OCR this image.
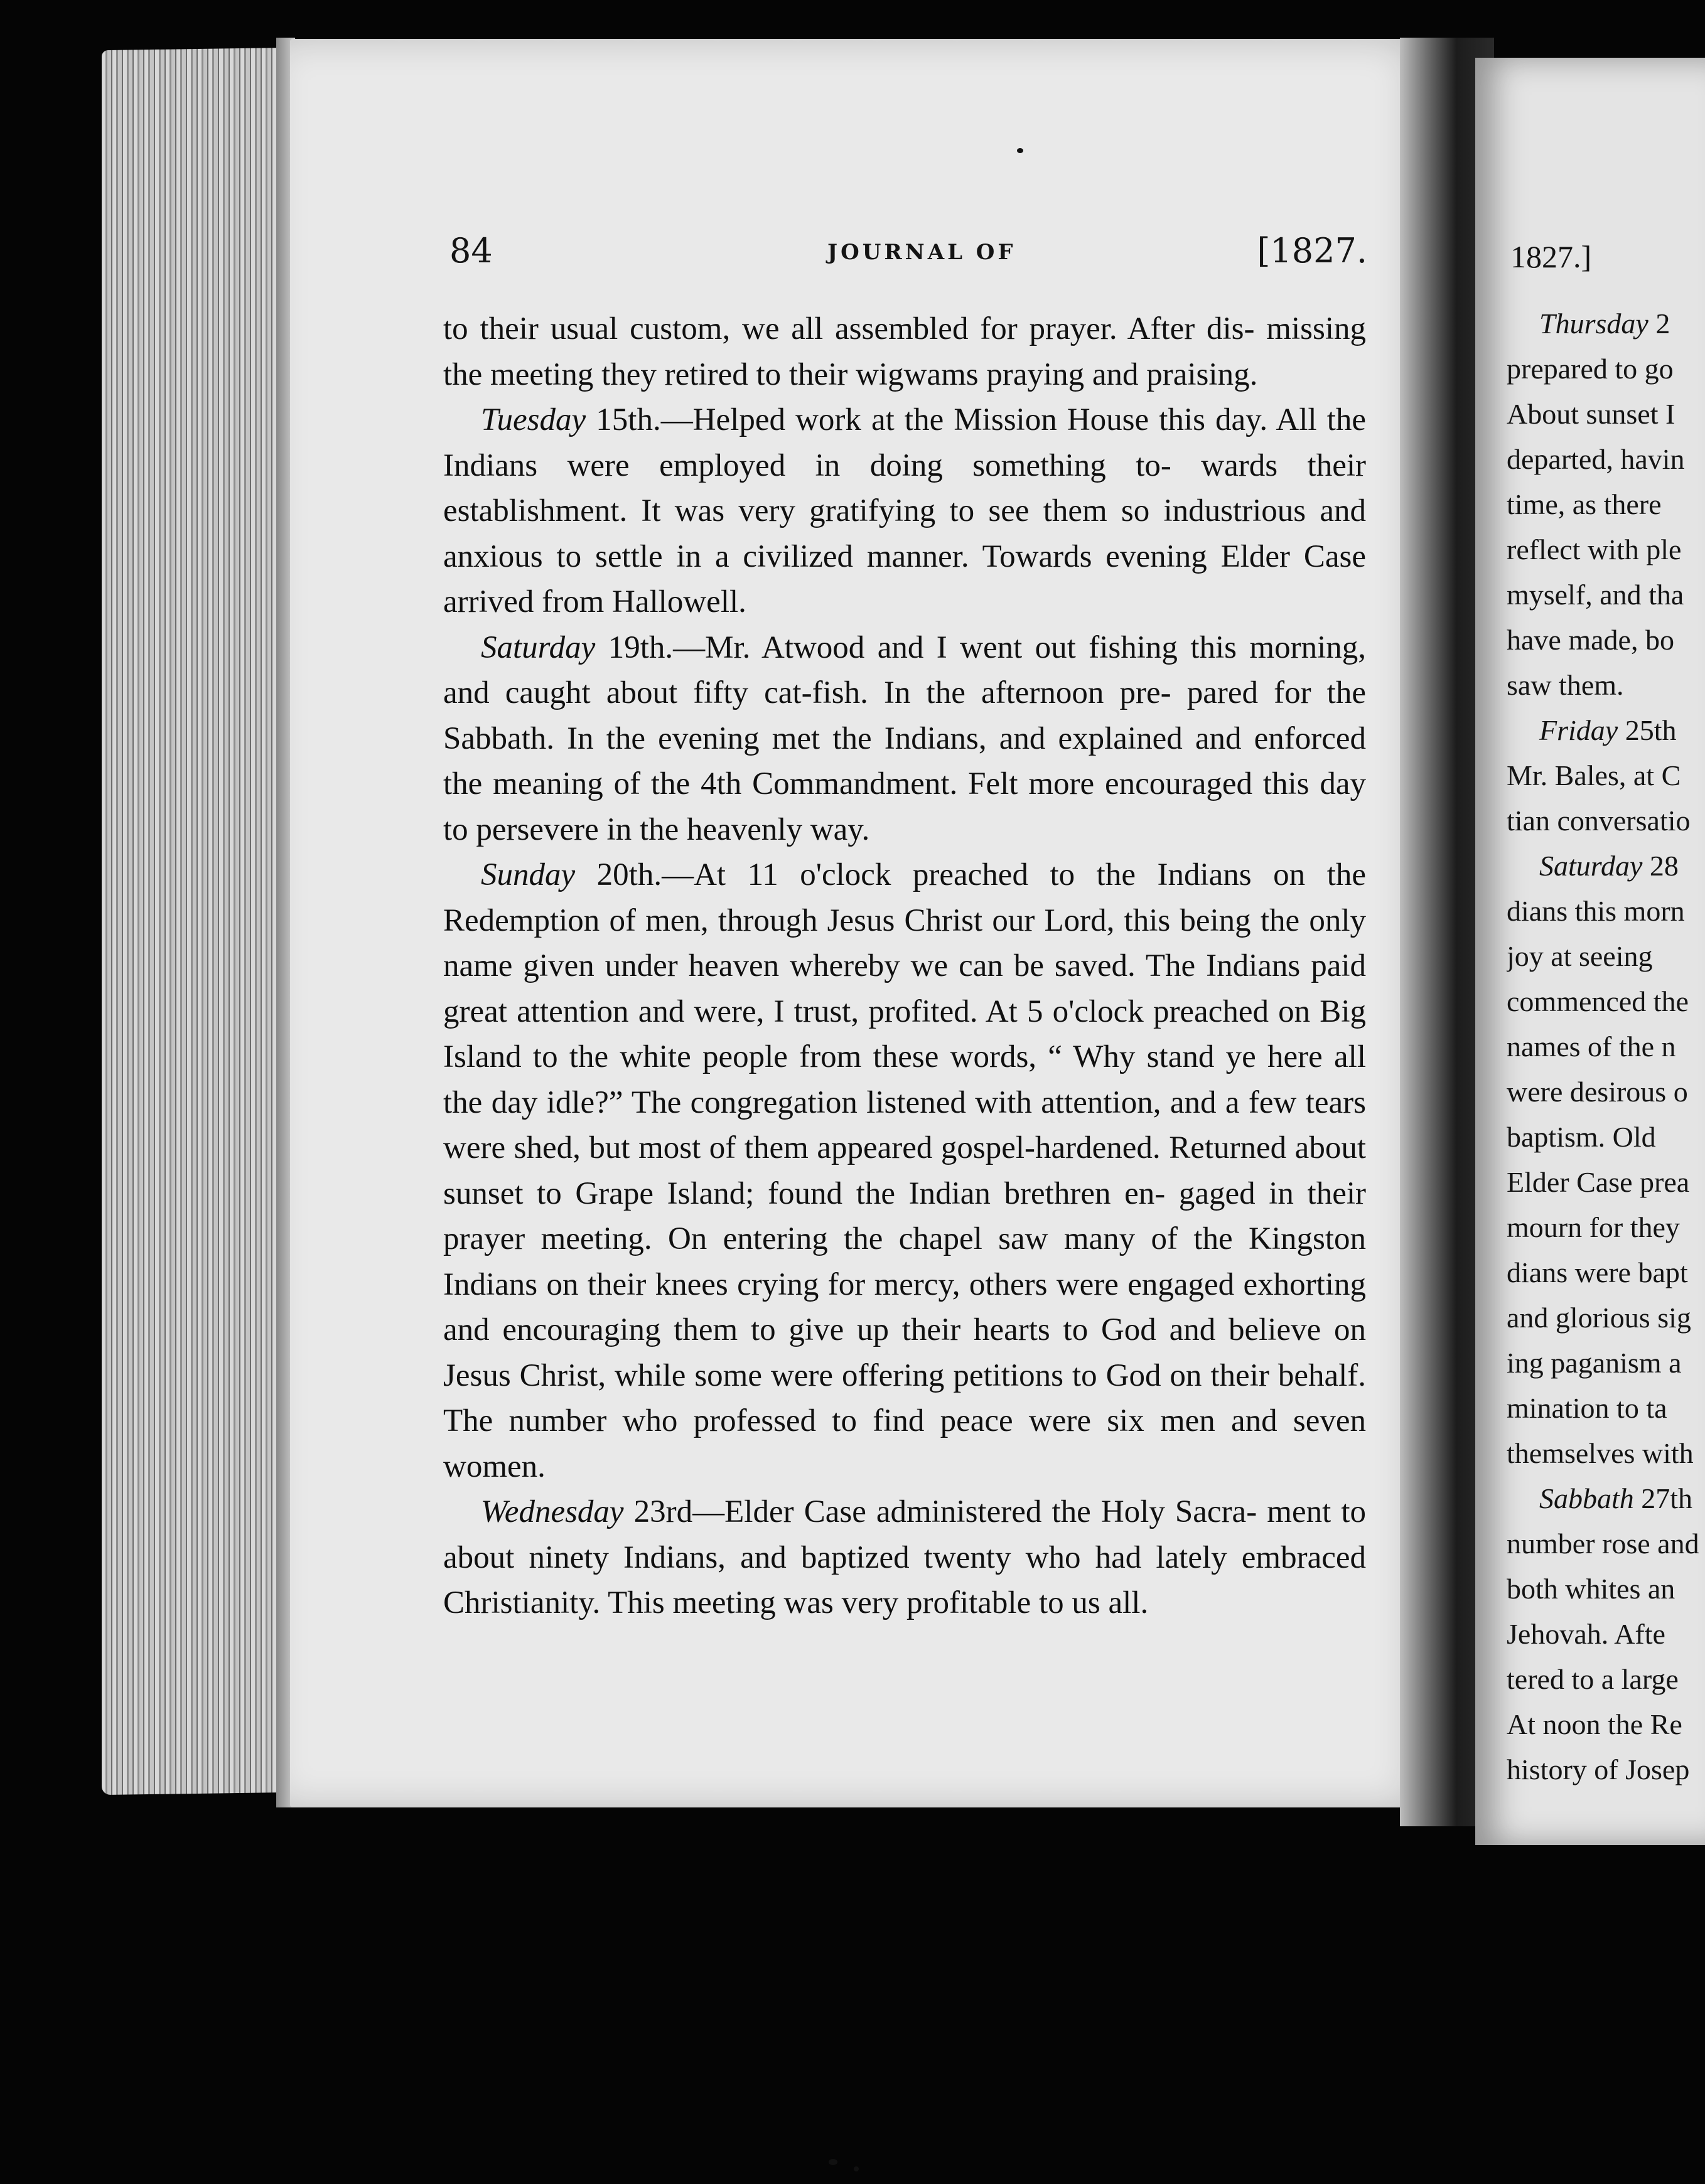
84	JOURNAL OF	[1827.

to their usual custom, we all assembled for prayer. After dis- missing the meeting they retired to their wigwams praying and praising.

Tuesday 15th.—Helped work at the Mission House this day. All the Indians were employed in doing something to- wards their establishment. It was very gratifying to see them so industrious and anxious to settle in a civilized manner. Towards evening Elder Case arrived from Hallowell.

Saturday 19th.—Mr. Atwood and I went out fishing this morning, and caught about fifty cat-fish. In the afternoon pre- pared for the Sabbath. In the evening met the Indians, and explained and enforced the meaning of the 4th Commandment. Felt more encouraged this day to persevere in the heavenly way.

Sunday 20th.—At 11 o'clock preached to the Indians on the Redemption of men, through Jesus Christ our Lord, this being the only name given under heaven whereby we can be saved. The Indians paid great attention and were, I trust, profited. At 5 o'clock preached on Big Island to the white people from these words, “ Why stand ye here all the day idle?” The congregation listened with attention, and a few tears were shed, but most of them appeared gospel-hardened. Returned about sunset to Grape Island; found the Indian brethren en- gaged in their prayer meeting. On entering the chapel saw many of the Kingston Indians on their knees crying for mercy, others were engaged exhorting and encouraging them to give up their hearts to God and believe on Jesus Christ, while some were offering petitions to God on their behalf. The number who professed to find peace were six men and seven women.

Wednesday 23rd—Elder Case administered the Holy Sacra- ment to about ninety Indians, and baptized twenty who had lately embraced Christianity. This meeting was very profitable to us all.

1827.]
Thursday 2
prepared to go
About sunset I
departed, havin
time, as there
reflect with ple
myself, and tha
have made, bo
saw them.
Friday 25th
Mr. Bales, at C
tian conversatio
Saturday 28
dians this morn
joy at seeing
commenced the
names of the n
were desirous o
baptism. Old
Elder Case prea
mourn for they
dians were bapt
and glorious sig
ing paganism a
mination to ta
themselves with
Sabbath 27th
number rose and
both whites an
Jehovah. Afte
tered to a large
At noon the Re
history of Josep
